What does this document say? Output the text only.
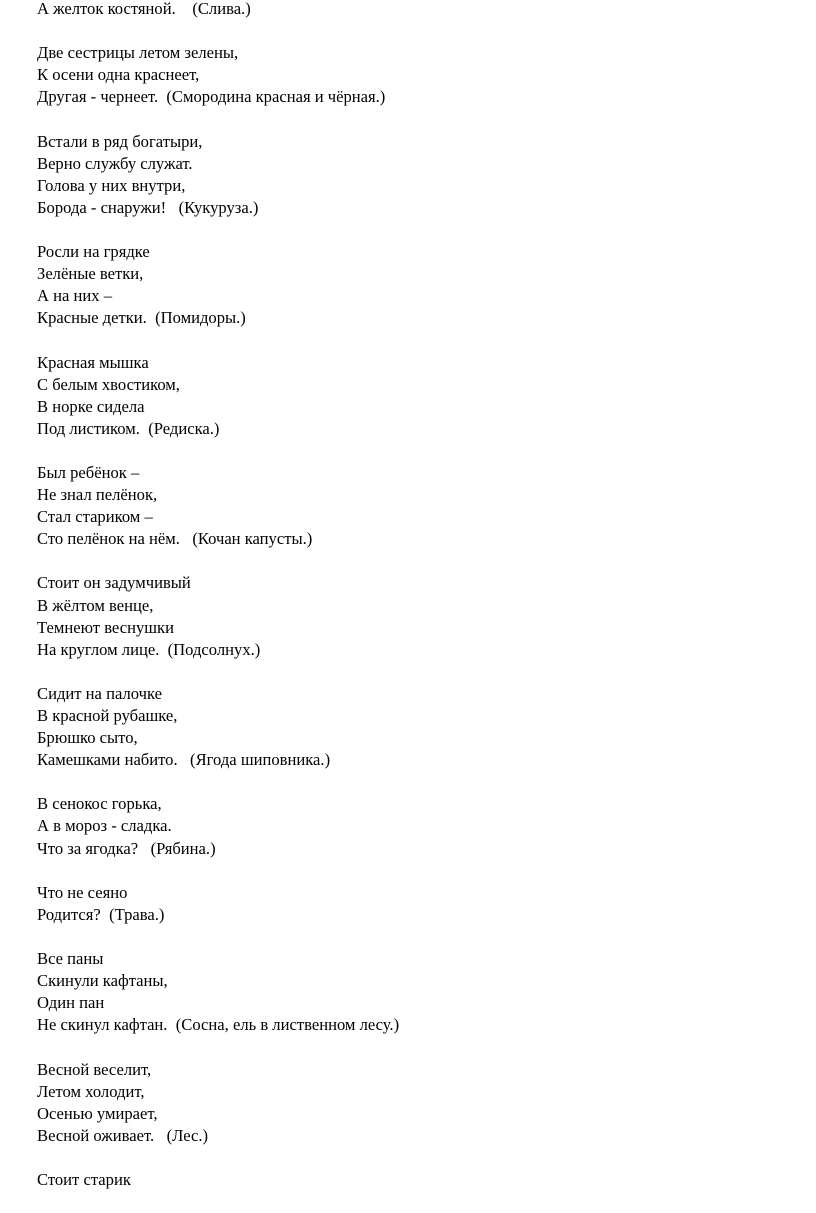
А желток костяной.    (Слива.)
Две сестрицы летом зелены,
К осени одна краснеет,
Другая - чернеет.  (Смородина красная и чёрная.)
Встали в ряд богатыри,
Верно службу служат.
Голова у них внутри,
Борода - снаружи!   (Кукуруза.)
Росли на грядке
Зелёные ветки,
А на них –
Красные детки.  (Помидоры.)
Красная мышка
С белым хвостиком,
В норке сидела
Под листиком.  (Редиска.)
Был ребёнок –
Не знал пелёнок,
Стал стариком –
Сто пелёнок на нём.   (Кочан капусты.)
Стоит он задумчивый
В жёлтом венце,
Темнеют веснушки
На круглом лице.  (Подсолнух.)
Сидит на палочке
В красной рубашке,
Брюшко сыто,
Камешками набито.   (Ягода шиповника.)
В сенокос горька,
А в мороз - сладка.
Что за ягодка?   (Рябина.)
Что не сеяно
Родится?  (Трава.)
Все паны
Скинули кафтаны,
Один пан
Не скинул кафтан.  (Сосна, ель в лиственном лесу.)
Весной веселит,
Летом холодит,
Осенью умирает,
Весной оживает.   (Лес.)
Стоит старик
